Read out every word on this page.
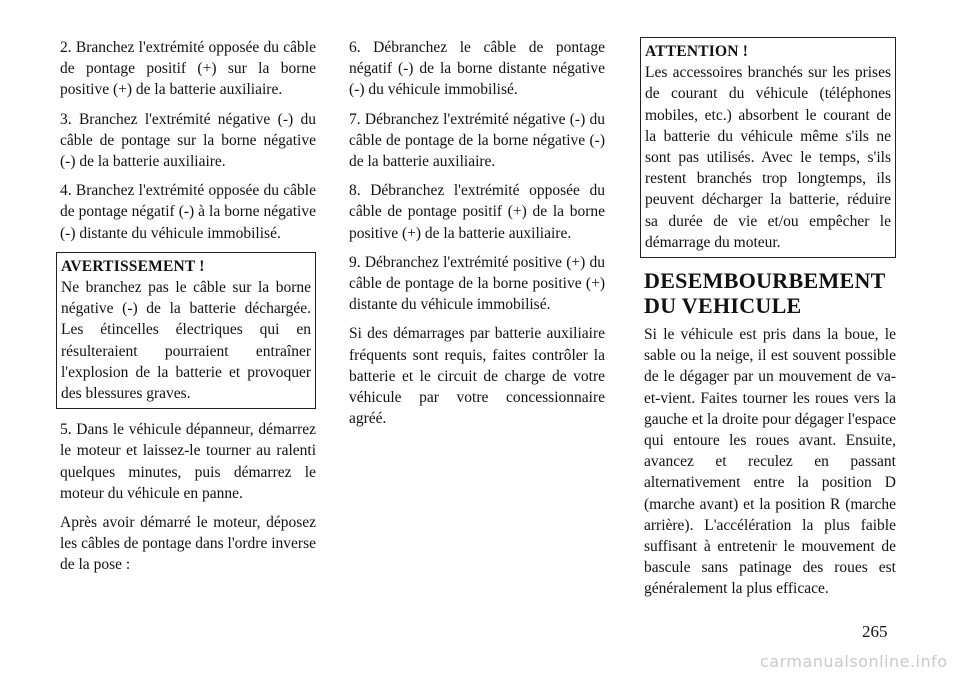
2. Branchez l'extrémité opposée du câble de pontage positif (+) sur la borne positive (+) de la batterie auxiliaire.

3. Branchez l'extrémité négative (-) du câble de pontage sur la borne négative (-) de la batterie auxiliaire.

4. Branchez l'extrémité opposée du câble de pontage négatif (-) à la borne négative (-) distante du véhicule immobilisé.

AVERTISSEMENT !

Ne branchez pas le câble sur la borne négative (-) de la batterie déchargée. Les étincelles électriques qui en résulteraient pourraient entraîner l'explosion de la batterie et provoquer des blessures graves.

5. Dans le véhicule dépanneur, démarrez le moteur et laissez-le tourner au ralenti quelques minutes, puis démarrez le moteur du véhicule en panne.

Après avoir démarré le moteur, déposez les câbles de pontage dans l'ordre inverse de la pose :

6. Débranchez le câble de pontage négatif (-) de la borne distante négative (-) du véhicule immobilisé.

7. Débranchez l'extrémité négative (-) du câble de pontage de la borne négative (-) de la batterie auxiliaire.

8. Débranchez l'extrémité opposée du câble de pontage positif (+) de la borne positive (+) de la batterie auxiliaire.

9. Débranchez l'extrémité positive (+) du câble de pontage de la borne positive (+) distante du véhicule immobilisé.

Si des démarrages par batterie auxiliaire fréquents sont requis, faites contrôler la batterie et le circuit de charge de votre véhicule par votre concessionnaire agréé.

ATTENTION !

Les accessoires branchés sur les prises de courant du véhicule (téléphones mobiles, etc.) absorbent le courant de la batterie du véhicule même s'ils ne sont pas utilisés. Avec le temps, s'ils restent branchés trop longtemps, ils peuvent décharger la batterie, réduire sa durée de vie et/ou empêcher le démarrage du moteur.

DESEMBOURBEMENT
DU VEHICULE

Si le véhicule est pris dans la boue, le sable ou la neige, il est souvent possible de le dégager par un mouvement de va-et-vient. Faites tourner les roues vers la gauche et la droite pour dégager l'espace qui entoure les roues avant. Ensuite, avancez et reculez en passant alternativement entre la position D (marche avant) et la position R (marche arrière). L'accélération la plus faible suffisant à entretenir le mouvement de bascule sans patinage des roues est généralement la plus efficace.

265
carmanualsonline.info
